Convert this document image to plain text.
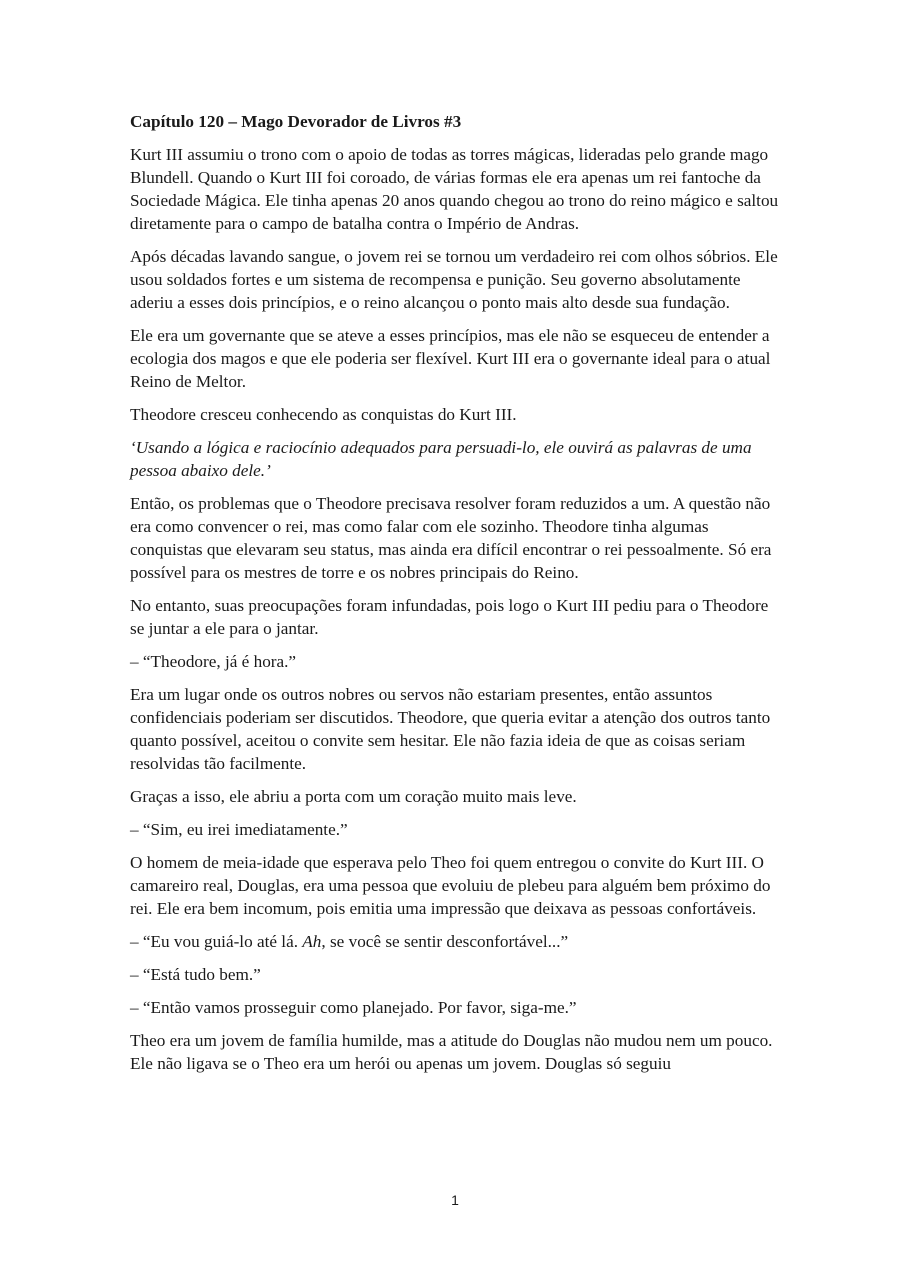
Capítulo 120 – Mago Devorador de Livros #3

Kurt III assumiu o trono com o apoio de todas as torres mágicas, lideradas pelo grande mago Blundell. Quando o Kurt III foi coroado, de várias formas ele era apenas um rei fantoche da Sociedade Mágica. Ele tinha apenas 20 anos quando chegou ao trono do reino mágico e saltou diretamente para o campo de batalha contra o Império de Andras.

Após décadas lavando sangue, o jovem rei se tornou um verdadeiro rei com olhos sóbrios. Ele usou soldados fortes e um sistema de recompensa e punição. Seu governo absolutamente aderiu a esses dois princípios, e o reino alcançou o ponto mais alto desde sua fundação.

Ele era um governante que se ateve a esses princípios, mas ele não se esqueceu de entender a ecologia dos magos e que ele poderia ser flexível. Kurt III era o governante ideal para o atual Reino de Meltor.

Theodore cresceu conhecendo as conquistas do Kurt III.

‘Usando a lógica e raciocínio adequados para persuadi-lo, ele ouvirá as palavras de uma pessoa abaixo dele.’

Então, os problemas que o Theodore precisava resolver foram reduzidos a um. A questão não era como convencer o rei, mas como falar com ele sozinho. Theodore tinha algumas conquistas que elevaram seu status, mas ainda era difícil encontrar o rei pessoalmente. Só era possível para os mestres de torre e os nobres principais do Reino.

No entanto, suas preocupações foram infundadas, pois logo o Kurt III pediu para o Theodore se juntar a ele para o jantar.

– “Theodore, já é hora.”

Era um lugar onde os outros nobres ou servos não estariam presentes, então assuntos confidenciais poderiam ser discutidos. Theodore, que queria evitar a atenção dos outros tanto quanto possível, aceitou o convite sem hesitar. Ele não fazia ideia de que as coisas seriam resolvidas tão facilmente.

Graças a isso, ele abriu a porta com um coração muito mais leve.

– “Sim, eu irei imediatamente.”

O homem de meia-idade que esperava pelo Theo foi quem entregou o convite do Kurt III. O camareiro real, Douglas, era uma pessoa que evoluiu de plebeu para alguém bem próximo do rei. Ele era bem incomum, pois emitia uma impressão que deixava as pessoas confortáveis.

– “Eu vou guiá-lo até lá. Ah, se você se sentir desconfortável...”

– “Está tudo bem.”

– “Então vamos prosseguir como planejado. Por favor, siga-me.”

Theo era um jovem de família humilde, mas a atitude do Douglas não mudou nem um pouco. Ele não ligava se o Theo era um herói ou apenas um jovem. Douglas só seguiu

1
